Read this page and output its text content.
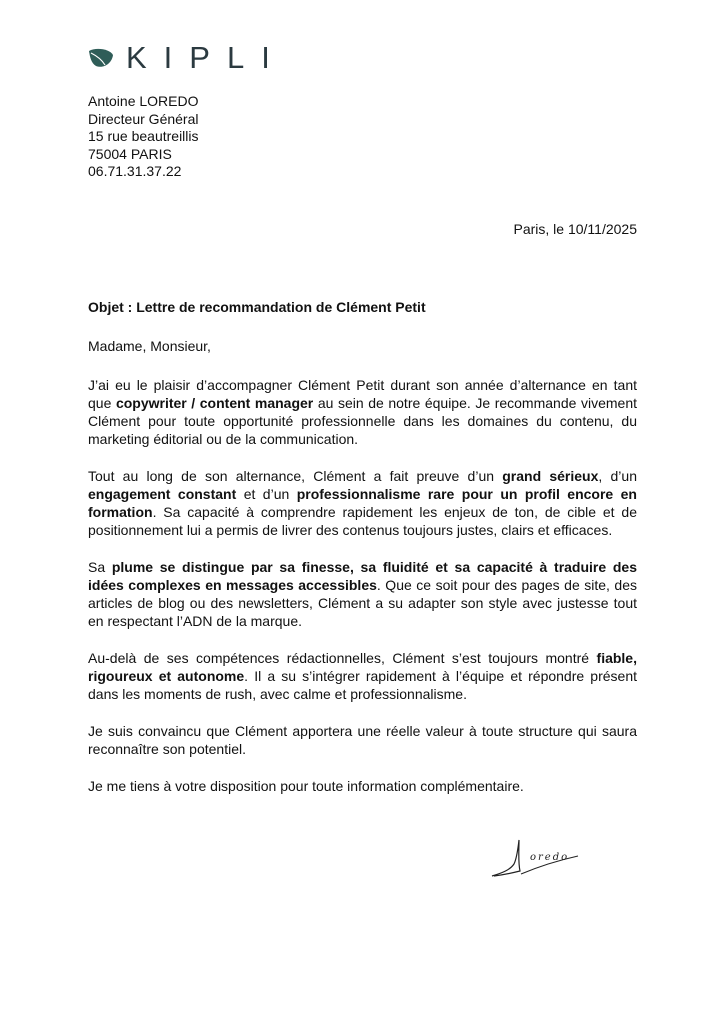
KIPLI
Antoine LOREDO
Directeur Général
15 rue beautreillis
75004 PARIS
06.71.31.37.22
Paris, le 10/11/2025
Objet : Lettre de recommandation de Clément Petit
Madame, Monsieur,

J’ai eu le plaisir d’accompagner Clément Petit durant son année d’alternance en tant que copywriter / content manager au sein de notre équipe. Je recommande vivement Clément pour toute opportunité professionnelle dans les domaines du contenu, du marketing éditorial ou de la communication.

Tout au long de son alternance, Clément a fait preuve d’un grand sérieux, d’un engagement constant et d’un professionnalisme rare pour un profil encore en formation. Sa capacité à comprendre rapidement les enjeux de ton, de cible et de positionnement lui a permis de livrer des contenus toujours justes, clairs et efficaces.

Sa plume se distingue par sa finesse, sa fluidité et sa capacité à traduire des idées complexes en messages accessibles. Que ce soit pour des pages de site, des articles de blog ou des newsletters, Clément a su adapter son style avec justesse tout en respectant l’ADN de la marque.

Au-delà de ses compétences rédactionnelles, Clément s’est toujours montré fiable, rigoureux et autonome. Il a su s’intégrer rapidement à l’équipe et répondre présent dans les moments de rush, avec calme et professionnalisme.

Je suis convaincu que Clément apportera une réelle valeur à toute structure qui saura reconnaître son potentiel.

Je me tiens à votre disposition pour toute information complémentaire.

oredo
